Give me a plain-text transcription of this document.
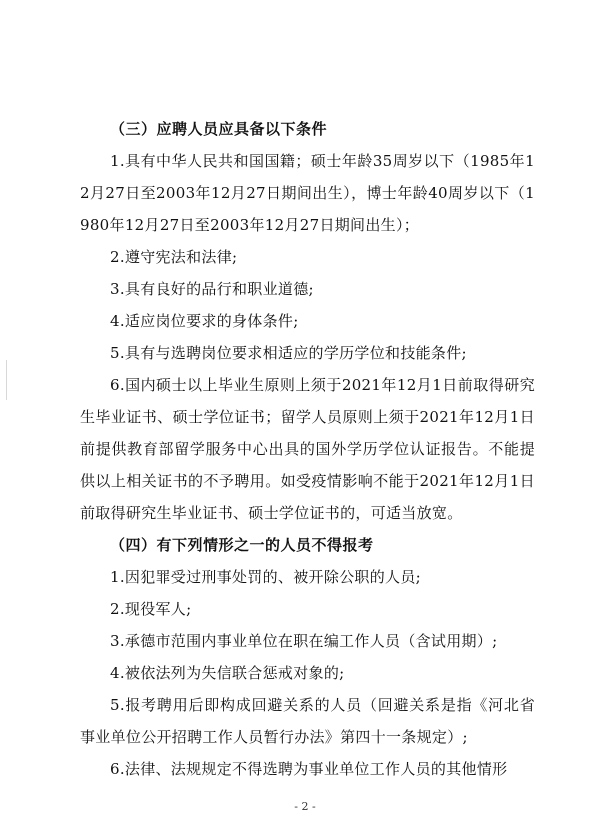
（三）应聘人员应具备以下条件
1.具有中华人民共和国国籍；硕士年龄35周岁以下（1985年12月27日至2003年12月27日期间出生），博士年龄40周岁以下（1980年12月27日至2003年12月27日期间出生）；
2.遵守宪法和法律;
3.具有良好的品行和职业道德;
4.适应岗位要求的身体条件;
5.具有与选聘岗位要求相适应的学历学位和技能条件;
6.国内硕士以上毕业生原则上须于2021年12月1日前取得研究生毕业证书、硕士学位证书；留学人员原则上须于2021年12月1日前提供教育部留学服务中心出具的国外学历学位认证报告。不能提供以上相关证书的不予聘用。如受疫情影响不能于2021年12月1日前取得研究生毕业证书、硕士学位证书的，可适当放宽。
（四）有下列情形之一的人员不得报考
1.因犯罪受过刑事处罚的、被开除公职的人员;
2.现役军人;
3.承德市范围内事业单位在职在编工作人员（含试用期）;
4.被依法列为失信联合惩戒对象的;
5.报考聘用后即构成回避关系的人员（回避关系是指《河北省事业单位公开招聘工作人员暂行办法》第四十一条规定）;
6.法律、法规规定不得选聘为事业单位工作人员的其他情形
- 2 -
